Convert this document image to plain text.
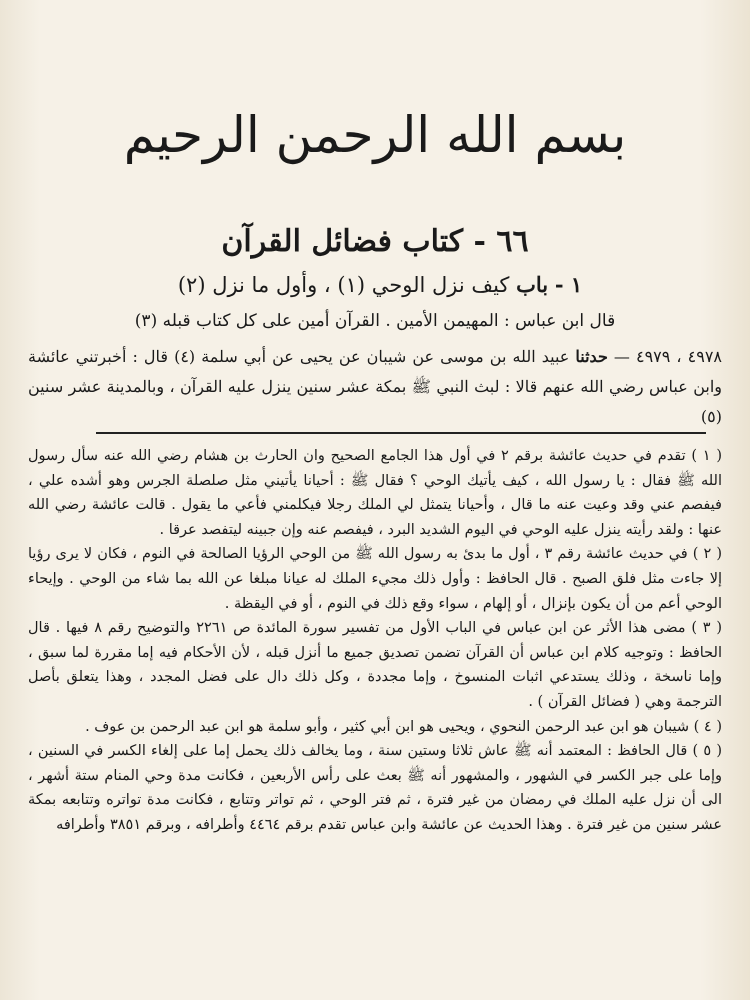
بسم الله الرحمن الرحيم
٦٦ - كتاب فضائل القرآن
١ - باب كيف نزل الوحي (١) ، وأول ما نزل (٢)
قال ابن عباس : المهيمن الأمين . القرآن أمين على كل كتاب قبله (٣)
٤٩٧٨ ، ٤٩٧٩ — حدثنا عبيد الله بن موسى عن شيبان عن يحيى عن أبي سلمة (٤) قال : أخبرتني عائشة وابن عباس رضي الله عنهم قالا : لبث النبي ﷺ بمكة عشر سنين ينزل عليه القرآن ، وبالمدينة عشر سنين (٥)

( ١ ) تقدم في حديث عائشة برقم ٢ في أول هذا الجامع الصحيح وان الحارث بن هشام رضي الله عنه سأل رسول الله ﷺ فقال : يا رسول الله ، كيف يأتيك الوحي ؟ فقال ﷺ : أحيانا يأتيني مثل صلصلة الجرس وهو أشده علي ، فيفصم عني وقد وعيت عنه ما قال ، وأحيانا يتمثل لي الملك رجلا فيكلمني فأعي ما يقول . قالت عائشة رضي الله عنها : ولقد رأيته ينزل عليه الوحي في اليوم الشديد البرد ، فيفصم عنه وإن جبينه ليتفصد عرقا .

( ٢ ) في حديث عائشة رقم ٣ ، أول ما بدئ به رسول الله ﷺ من الوحي الرؤيا الصالحة في النوم ، فكان لا يرى رؤيا إلا جاءت مثل فلق الصبح . قال الحافظ : وأول ذلك مجيء الملك له عيانا مبلغا عن الله بما شاء من الوحي . وإيحاء الوحي أعم من أن يكون بإنزال ، أو إلهام ، سواء وقع ذلك في النوم ، أو في اليقظة .

( ٣ ) مضى هذا الأثر عن ابن عباس في الباب الأول من تفسير سورة المائدة ص ٢٢٦١ والتوضيح رقم ٨ فيها . قال الحافظ : وتوجيه كلام ابن عباس أن القرآن تضمن تصديق جميع ما أنزل قبله ، لأن الأحكام فيه إما مقررة لما سبق ، وإما ناسخة ، وذلك يستدعي اثبات المنسوخ ، وإما مجددة ، وكل ذلك دال على فضل المجدد ، وهذا يتعلق بأصل الترجمة وهي ( فضائل القرآن ) .

( ٤ ) شيبان هو ابن عبد الرحمن النحوي ، ويحيى هو ابن أبي كثير ، وأبو سلمة هو ابن عبد الرحمن بن عوف .

( ٥ ) قال الحافظ : المعتمد أنه ﷺ عاش ثلاثا وستين سنة ، وما يخالف ذلك يحمل إما على إلغاء الكسر في السنين ، وإما على جبر الكسر في الشهور ، والمشهور أنه ﷺ بعث على رأس الأربعين ، فكانت مدة وحي المنام ستة أشهر ، الى أن نزل عليه الملك في رمضان من غير فترة ، ثم فتر الوحي ، ثم تواتر وتتابع ، فكانت مدة تواتره وتتابعه بمكة عشر سنين من غير فترة . وهذا الحديث عن عائشة وابن عباس تقدم برقم ٤٤٦٤ وأطرافه ، وبرقم ٣٨٥١ وأطرافه
